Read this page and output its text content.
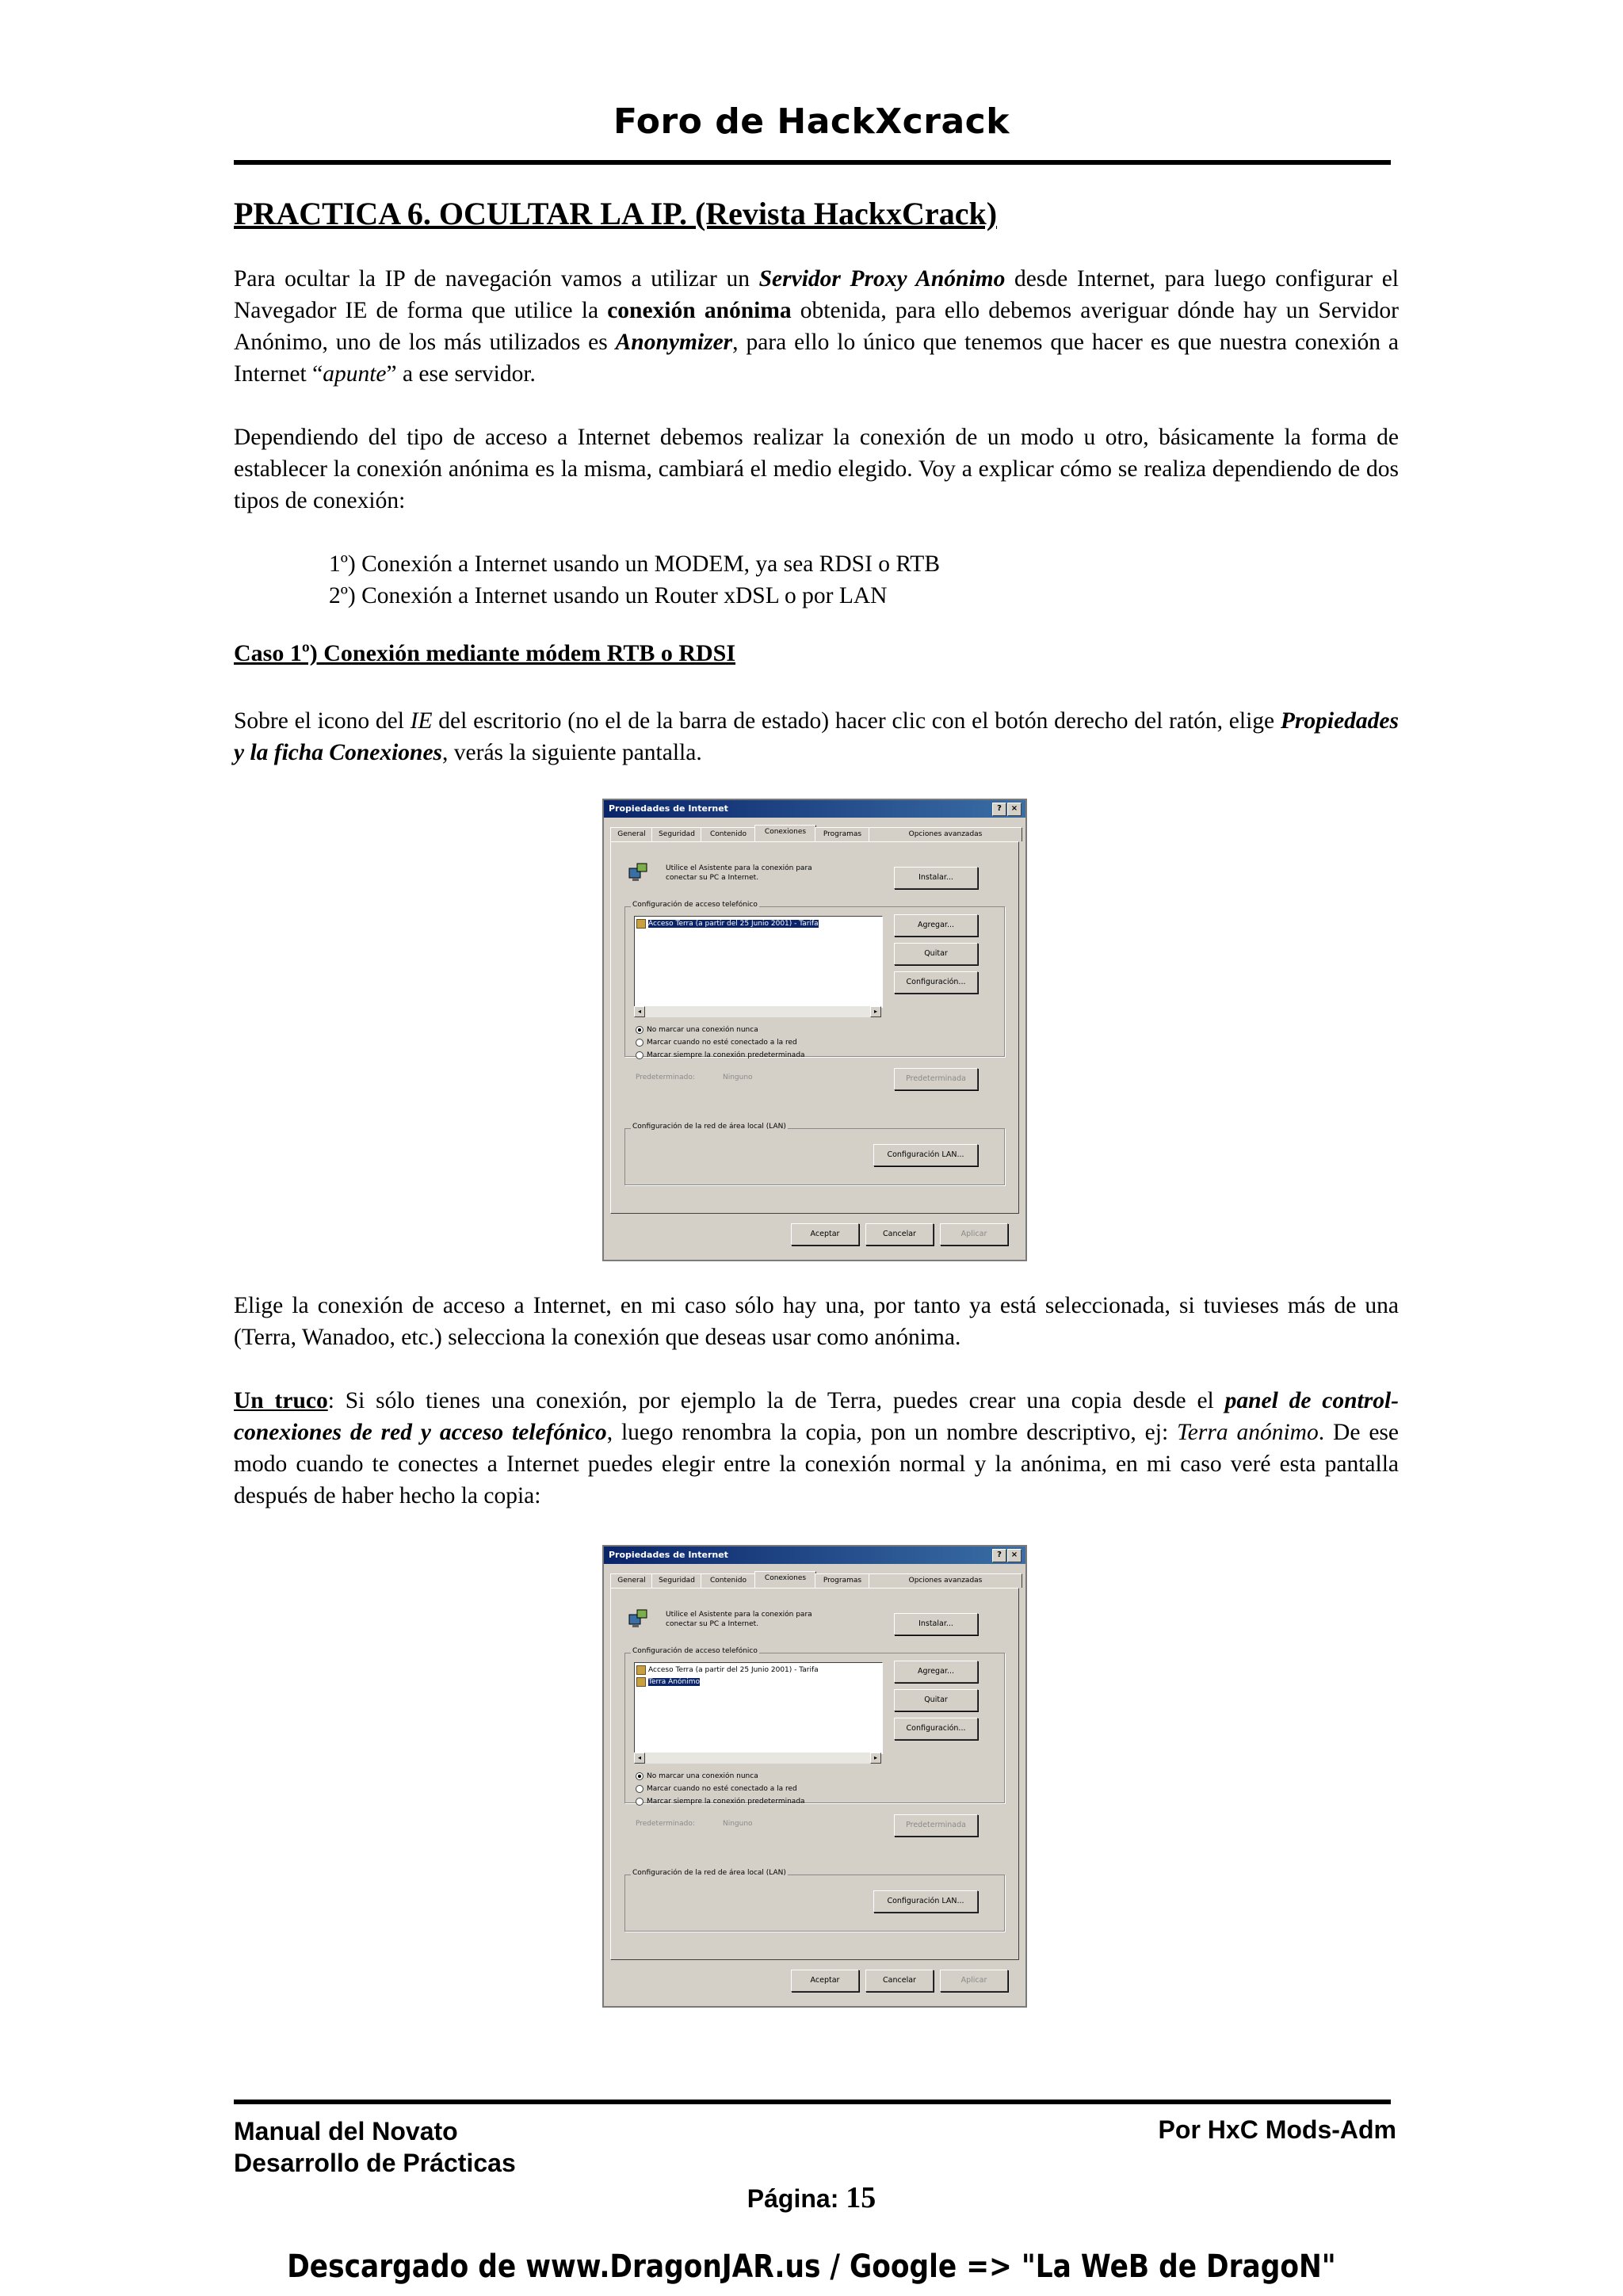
Foro de HackXcrack
PRACTICA 6. OCULTAR LA IP. (Revista HackxCrack)
Para ocultar la IP de navegación vamos a utilizar un Servidor Proxy Anónimo desde Internet, para luego configurar el Navegador IE de forma que utilice la conexión anónima obtenida, para ello debemos averiguar dónde hay un Servidor Anónimo, uno de los más utilizados es Anonymizer, para ello lo único que tenemos que hacer es que nuestra conexión a Internet “apunte” a ese servidor.
Dependiendo del tipo de acceso a Internet debemos realizar la conexión de un modo u otro, básicamente la forma de establecer la conexión anónima es la misma, cambiará el medio elegido. Voy a explicar cómo se realiza dependiendo de dos tipos de conexión:
1º) Conexión a Internet usando un MODEM, ya sea RDSI o RTB
2º) Conexión a Internet usando un Router xDSL o por LAN
Caso 1º) Conexión mediante módem RTB o RDSI
Sobre el icono del IE del escritorio (no el de la barra de estado) hacer clic con el botón derecho del ratón, elige Propiedades y la ficha Conexiones, verás la siguiente pantalla.
Propiedades de Internet	?	×
General	Seguridad	Contenido	Conexiones	Programas	Opciones avanzadas
Utilice el Asistente para la conexión para conectar su PC a Internet.	Instalar...
Configuración de acceso telefónico
Acceso Terra (a partir del 25 Junio 2001) - Tarifa
◂	▸
Agregar...
Quitar
Configuración...
No marcar una conexión nunca
Marcar cuando no esté conectado a la red
Marcar siempre la conexión predeterminada
Predeterminado:	Ninguno	Predeterminada
Configuración de la red de área local (LAN)
Configuración LAN...
Aceptar	Cancelar	Aplicar
Elige la conexión de acceso a Internet, en mi caso sólo hay una, por tanto ya está seleccionada, si tuvieses más de una (Terra, Wanadoo, etc.) selecciona la conexión que deseas usar como anónima.
Un truco: Si sólo tienes una conexión, por ejemplo la de Terra, puedes crear una copia desde el panel de control-conexiones de red y acceso telefónico, luego renombra la copia, pon un nombre descriptivo, ej: Terra anónimo. De ese modo cuando te conectes a Internet puedes elegir entre la conexión normal y la anónima, en mi caso veré esta pantalla después de haber hecho la copia:
Propiedades de Internet	?	×
General	Seguridad	Contenido	Conexiones	Programas	Opciones avanzadas
Utilice el Asistente para la conexión para conectar su PC a Internet.	Instalar...
Configuración de acceso telefónico
Acceso Terra (a partir del 25 Junio 2001) - Tarifa
Terra Anónimo
◂	▸
Agregar...
Quitar
Configuración...
No marcar una conexión nunca
Marcar cuando no esté conectado a la red
Marcar siempre la conexión predeterminada
Predeterminado:	Ninguno	Predeterminada
Configuración de la red de área local (LAN)
Configuración LAN...
Aceptar	Cancelar	Aplicar
Manual del Novato
Desarrollo de Prácticas
Por HxC Mods-Adm
Página: 15
Descargado de www.DragonJAR.us / Google => "La WeB de DragoN"
